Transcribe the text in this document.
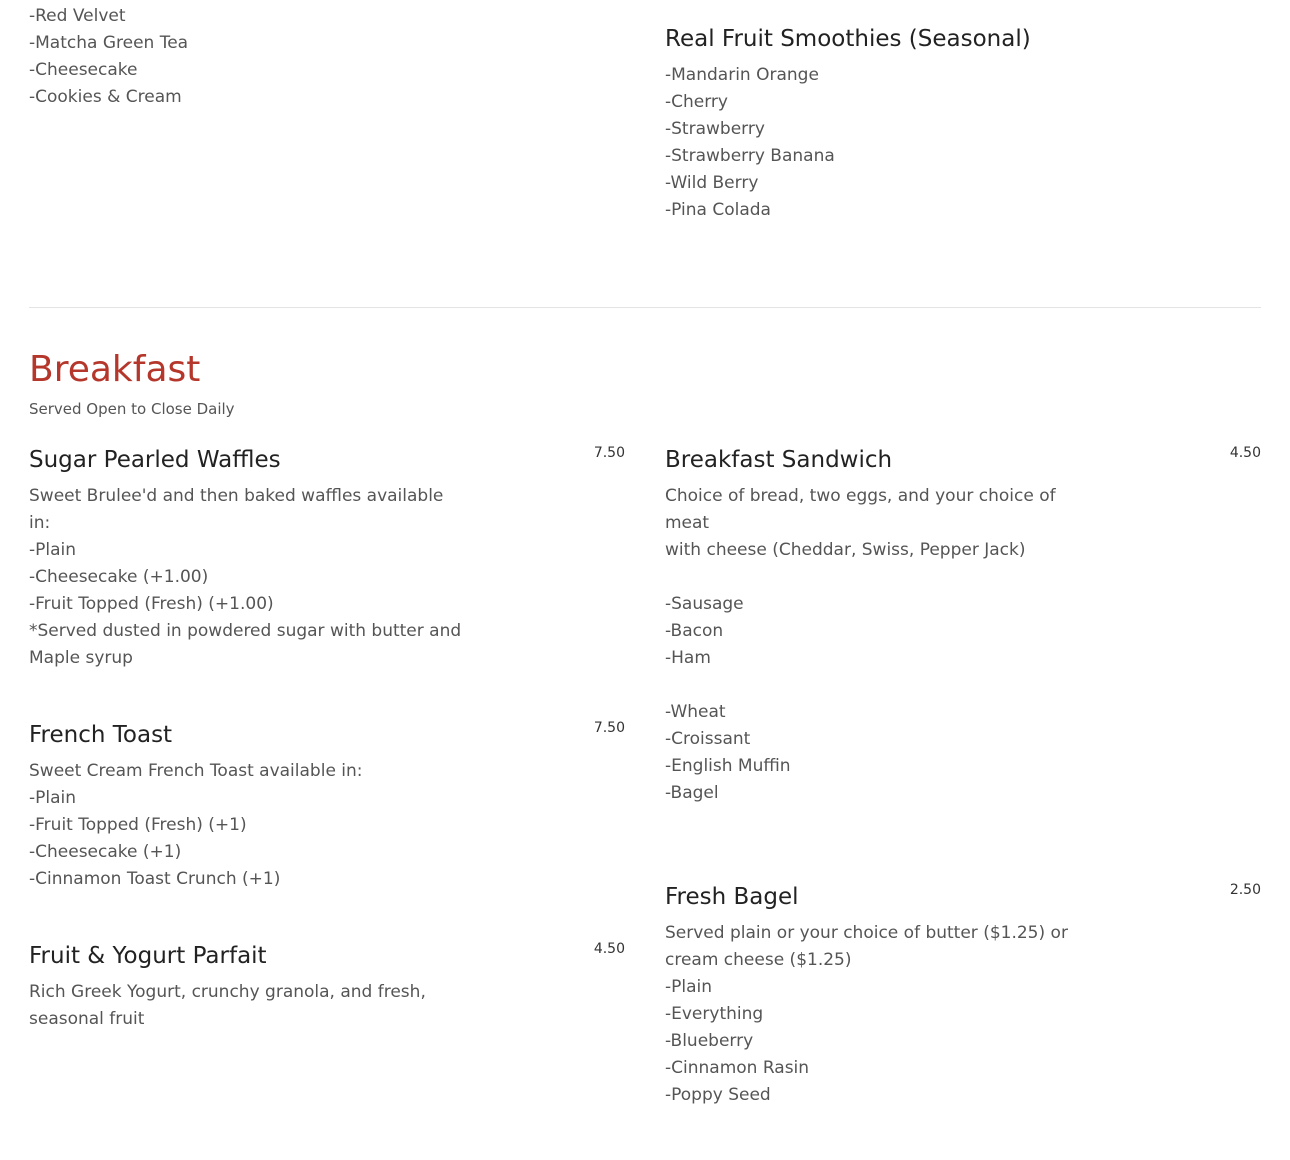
-Red Velvet
-Matcha Green Tea
-Cheesecake
-Cookies & Cream
Real Fruit Smoothies (Seasonal)
-Mandarin Orange
-Cherry
-Strawberry
-Strawberry Banana
-Wild Berry
-Pina Colada
Breakfast
Served Open to Close Daily
Sugar Pearled Waffles	7.50
Sweet Brulee'd and then baked waffles available in:
-Plain
-Cheesecake (+1.00)
-Fruit Topped (Fresh) (+1.00)
*Served dusted in powdered sugar with butter and
Maple syrup
French Toast	7.50
Sweet Cream French Toast available in:
-Plain
-Fruit Topped (Fresh) (+1)
-Cheesecake (+1)
-Cinnamon Toast Crunch (+1)
Fruit & Yogurt Parfait	4.50
Rich Greek Yogurt, crunchy granola, and fresh,
seasonal fruit
Breakfast Sandwich	4.50
Choice of bread, two eggs, and your choice of meat
with cheese (Cheddar, Swiss, Pepper Jack)
-Sausage
-Bacon
-Ham
-Wheat
-Croissant
-English Muffin
-Bagel
Fresh Bagel	2.50
Served plain or your choice of butter ($1.25) or
cream cheese ($1.25)
-Plain
-Everything
-Blueberry
-Cinnamon Rasin
-Poppy Seed
